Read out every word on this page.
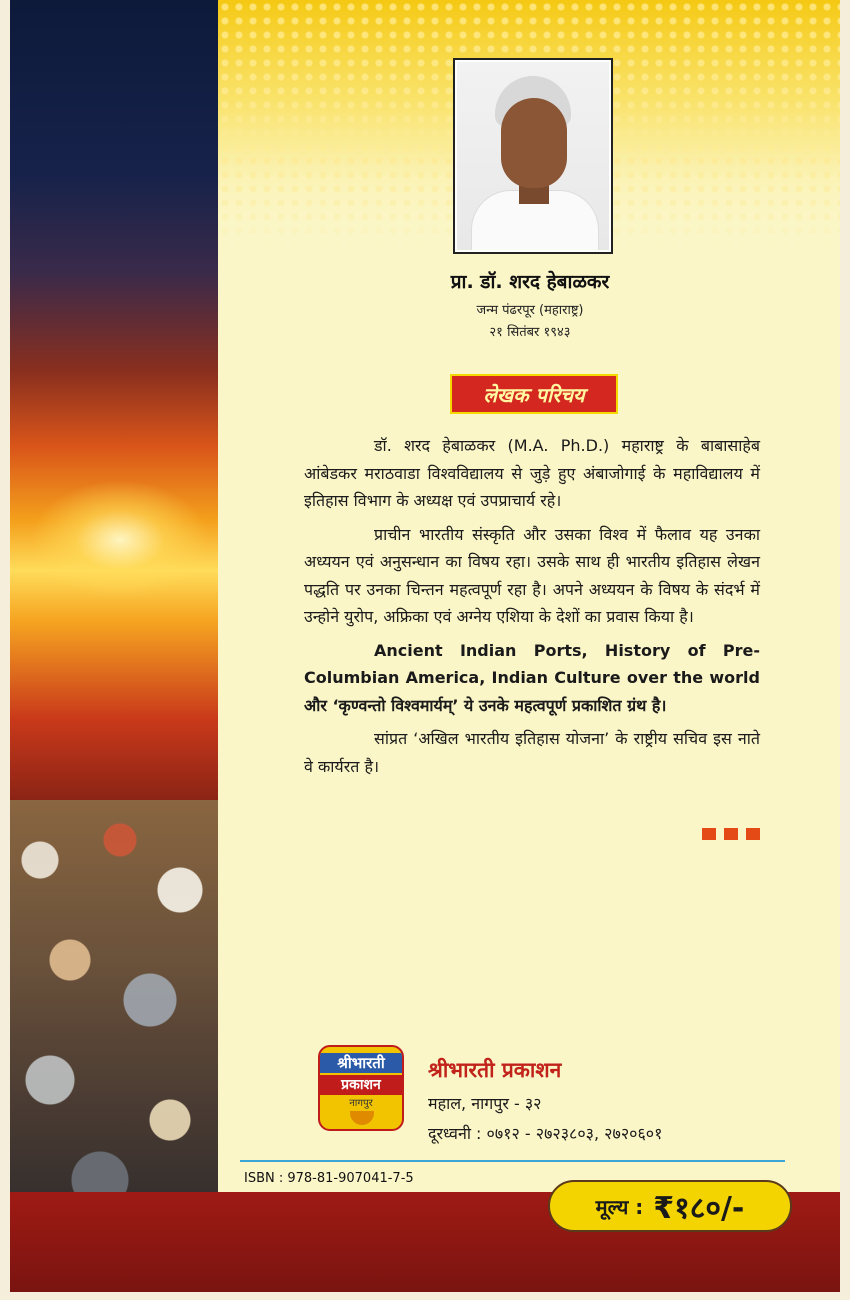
प्रा. डॉ. शरद हेबाळकर
जन्म पंढरपूर (महाराष्ट्र)
२१ सितंबर १९४३
लेखक परिचय

डॉ. शरद हेबाळकर (M.A. Ph.D.) महाराष्ट्र के बाबासाहेब आंबेडकर मराठवाडा विश्वविद्यालय से जुड़े हुए अंबाजोगाई के महाविद्यालय में इतिहास विभाग के अध्यक्ष एवं उपप्राचार्य रहे।

प्राचीन भारतीय संस्कृति और उसका विश्व में फैलाव यह उनका अध्ययन एवं अनुसन्धान का विषय रहा। उसके साथ ही भारतीय इतिहास लेखन पद्धति पर उनका चिन्तन महत्वपूर्ण रहा है। अपने अध्ययन के विषय के संदर्भ में उन्होने युरोप, अफ्रिका एवं अग्नेय एशिया के देशों का प्रवास किया है।

Ancient Indian Ports, History of Pre-Columbian America, Indian Culture over the world और ‘कृण्वन्तो विश्वमार्यम्’ ये उनके महत्वपूर्ण प्रकाशित ग्रंथ है।

सांप्रत ‘अखिल भारतीय इतिहास योजना’ के राष्ट्रीय सचिव इस नाते वे कार्यरत है।

श्रीभारती
प्रकाशन
नागपुर
श्रीभारती प्रकाशन
महाल, नागपुर - ३२
दूरध्वनी : ०७१२ - २७२३८०३, २७२०६०१
ISBN : 978-81-907041-7-5
मूल्य : ₹१८०/-
